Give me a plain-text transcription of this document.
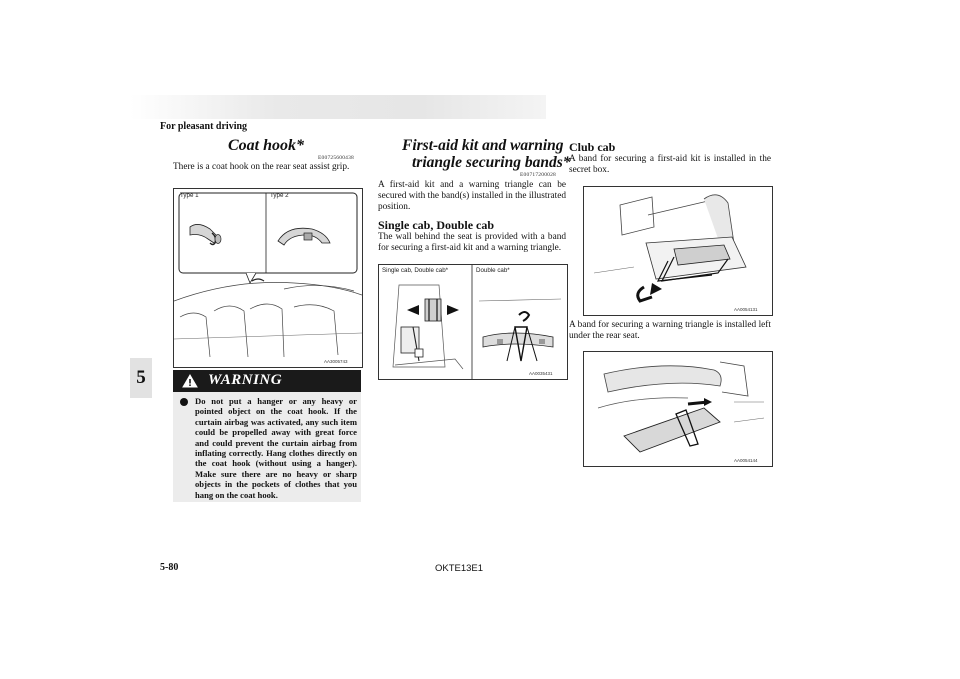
For pleasant driving
5
Coat hook*
E00725600438
There is a coat hook on the rear seat assist grip.
AA3005743
Type 1	Type 2
WARNING
Do not put a hanger or any heavy or pointed object on the coat hook. If the curtain airbag was activated, any such item could be propelled away with great force and could prevent the curtain airbag from inflating correctly. Hang clothes directly on the coat hook (without using a hanger). Make sure there are no heavy or sharp objects in the pockets of clothes that you hang on the coat hook.
First-aid kit and warning
triangle securing bands*
E00717200028
A first-aid kit and a warning triangle can be secured with the band(s) installed in the illustrated position.
Single cab, Double cab
The wall behind the seat is provided with a band for securing a first-aid kit and a warning triangle.
AA0035431
Single cab, Double cab*	Double cab*
Club cab
A band for securing a first-aid kit is installed in the secret box.
AA0054131
A band for securing a warning triangle is installed left under the rear seat.
AA0054144
5-80	OKTE13E1
